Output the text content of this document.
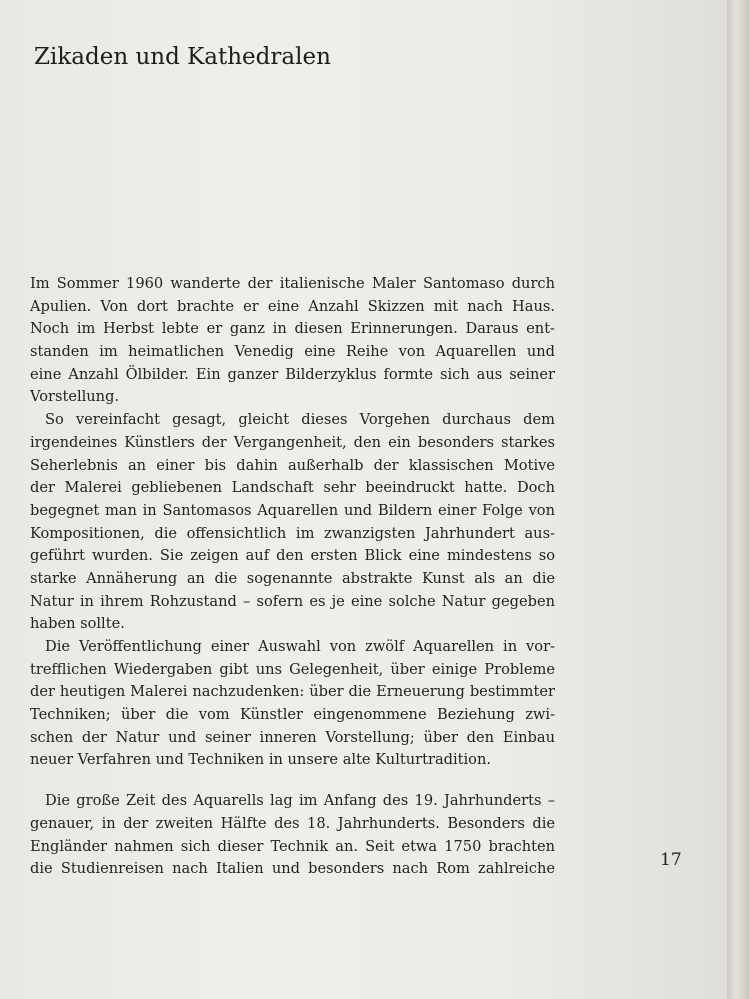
Zikaden und Kathedralen
Im Sommer 1960 wanderte der italienische Maler Santomaso durch
Apulien. Von dort brachte er eine Anzahl Skizzen mit nach Haus.
Noch im Herbst lebte er ganz in diesen Erinnerungen. Daraus ent-
standen im heimatlichen Venedig eine Reihe von Aquarellen und
eine Anzahl Ölbilder. Ein ganzer Bilderzyklus formte sich aus seiner
Vorstellung.
So vereinfacht gesagt, gleicht dieses Vorgehen durchaus dem
irgendeines Künstlers der Vergangenheit, den ein besonders starkes
Seherlebnis an einer bis dahin außerhalb der klassischen Motive
der Malerei gebliebenen Landschaft sehr beeindruckt hatte. Doch
begegnet man in Santomasos Aquarellen und Bildern einer Folge von
Kompositionen, die offensichtlich im zwanzigsten Jahrhundert aus-
geführt wurden. Sie zeigen auf den ersten Blick eine mindestens so
starke Annäherung an die sogenannte abstrakte Kunst als an die
Natur in ihrem Rohzustand – sofern es je eine solche Natur gegeben
haben sollte.
Die Veröffentlichung einer Auswahl von zwölf Aquarellen in vor-
trefflichen Wiedergaben gibt uns Gelegenheit, über einige Probleme
der heutigen Malerei nachzudenken: über die Erneuerung bestimmter
Techniken; über die vom Künstler eingenommene Beziehung zwi-
schen der Natur und seiner inneren Vorstellung; über den Einbau
neuer Verfahren und Techniken in unsere alte Kulturtradition.
Die große Zeit des Aquarells lag im Anfang des 19. Jahrhunderts –
genauer, in der zweiten Hälfte des 18. Jahrhunderts. Besonders die
Engländer nahmen sich dieser Technik an. Seit etwa 1750 brachten
die Studienreisen nach Italien und besonders nach Rom zahlreiche	17
